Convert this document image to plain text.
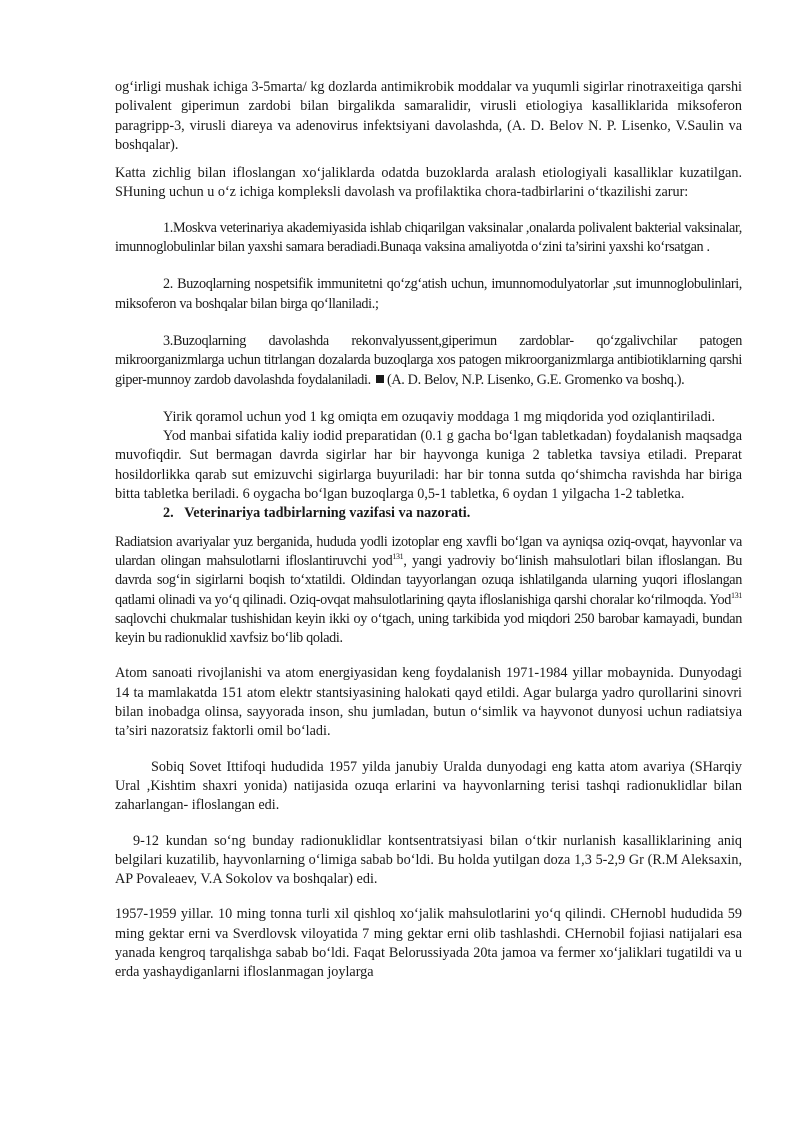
og‘irligi mushak ichiga 3-5marta/ kg dozlarda antimikrobik moddalar va yuqumli sigirlar rinotraxeitiga qarshi polivalent giperimun zardobi bilan birgalikda samaralidir, virusli etiologiya kasalliklarida miksoferon paragripp-3, virusli diareya va adenovirus infektsiyani davolashda, (A. D. Belov N. P. Lisenko, V.Saulin va boshqalar).

Katta zichlig bilan ifloslangan xo‘jaliklarda odatda buzoklarda aralash etiologiyali kasalliklar kuzatilgan. SHuning uchun u o‘z ichiga kompleksli davolash va profilaktika chora-tadbirlarini o‘tkazilishi zarur:

1.Moskva veterinariya akademiyasida ishlab chiqarilgan vaksinalar ,onalarda polivalent bakterial vaksinalar, imunnoglobulinlar bilan yaxshi samara beradiadi.Bunaqa vaksina amaliyotda o‘zini ta’sirini yaxshi ko‘rsatgan .

2. Buzoqlarning nospetsifik immunitetni qo‘zg‘atish uchun, imunnomodulyatorlar ,sut imunnoglobulinlari, miksoferon va boshqalar bilan birga qo‘llaniladi.;

3.Buzoqlarning davolashda rekonvalyussent,giperimun zardoblar- qo‘zgalivchilar patogen mikroorganizmlarga uchun titrlangan dozalarda buzoqlarga xos patogen mikroorganizmlarga antibiotiklarning qarshi giper-munnoy zardob davolashda foydalaniladi. (A. D. Belov, N.P. Lisenko, G.E. Gromenko va boshq.).

Yirik qoramol uchun yod 1 kg omiqta em ozuqaviy moddaga 1 mg miqdorida yod oziqlantiriladi.

Yod manbai sifatida kaliy iodid preparatidan (0.1 g gacha bo‘lgan tabletkadan) foydalanish maqsadga muvofiqdir. Sut bermagan davrda sigirlar har bir hayvonga kuniga 2 tabletka tavsiya etiladi. Preparat hosildorlikka qarab sut emizuvchi sigirlarga buyuriladi: har bir tonna sutda qo‘shimcha ravishda har biriga bitta tabletka beriladi. 6 oygacha bo‘lgan buzoqlarga 0,5-1 tabletka, 6 oydan 1 yilgacha 1-2 tabletka.

2. Veterinariya tadbirlarning vazifasi va nazorati.

Radiatsion avariyalar yuz berganida, hududa yodli izotoplar eng xavfli bo‘lgan va ayniqsa oziq-ovqat, hayvonlar va ulardan olingan mahsulotlarni ifloslantiruvchi yod$^{131}$, yangi yadroviy bo‘linish mahsulotlari bilan ifloslangan. Bu davrda sog‘in sigirlarni boqish to‘xtatildi. Oldindan tayyorlangan ozuqa ishlatilganda ularning yuqori ifloslangan qatlami olinadi va yo‘q qilinadi. Oziq-ovqat mahsulotlarining qayta ifloslanishiga qarshi choralar ko‘rilmoqda. Yod$^{131}$ saqlovchi chukmalar tushishidan keyin ikki oy o‘tgach, uning tarkibida yod miqdori 250 barobar kamayadi, bundan keyin bu radionuklid xavfsiz bo‘lib qoladi.

Atom sanoati rivojlanishi va atom energiyasidan keng foydalanish 1971-1984 yillar mobaynida. Dunyodagi 14 ta mamlakatda 151 atom elektr stantsiyasining halokati qayd etildi. Agar bularga yadro qurollarini sinovri bilan inobadga olinsa, sayyorada inson, shu jumladan, butun o‘simlik va hayvonot dunyosi uchun radiatsiya ta’siri nazoratsiz faktorli omil bo‘ladi.

Sobiq Sovet Ittifoqi hududida 1957 yilda janubiy Uralda dunyodagi eng katta atom avariya (SHarqiy Ural ,Kishtim shaxri yonida) natijasida ozuqa erlarini va hayvonlarning terisi tashqi radionuklidlar bilan zaharlangan- ifloslangan edi.

9-12 kundan so‘ng bunday radionuklidlar kontsentratsiyasi bilan o‘tkir nurlanish kasalliklarining aniq belgilari kuzatilib, hayvonlarning o‘limiga sabab bo‘ldi. Bu holda yutilgan doza 1,3 5-2,9 Gr (R.M Aleksaxin, AP Povaleaev, V.A Sokolov va boshqalar) edi.

1957-1959 yillar. 10 ming tonna turli xil qishloq xo‘jalik mahsulotlarini yo‘q qilindi. CHernobl hududida 59 ming gektar erni va Sverdlovsk viloyatida 7 ming gektar erni olib tashlashdi. CHernobil fojiasi natijalari esa yanada kengroq tarqalishga sabab bo‘ldi. Faqat Belorussiyada 20ta jamoa va fermer xo‘jaliklari tugatildi va u erda yashaydiganlarni ifloslanmagan joylarga
